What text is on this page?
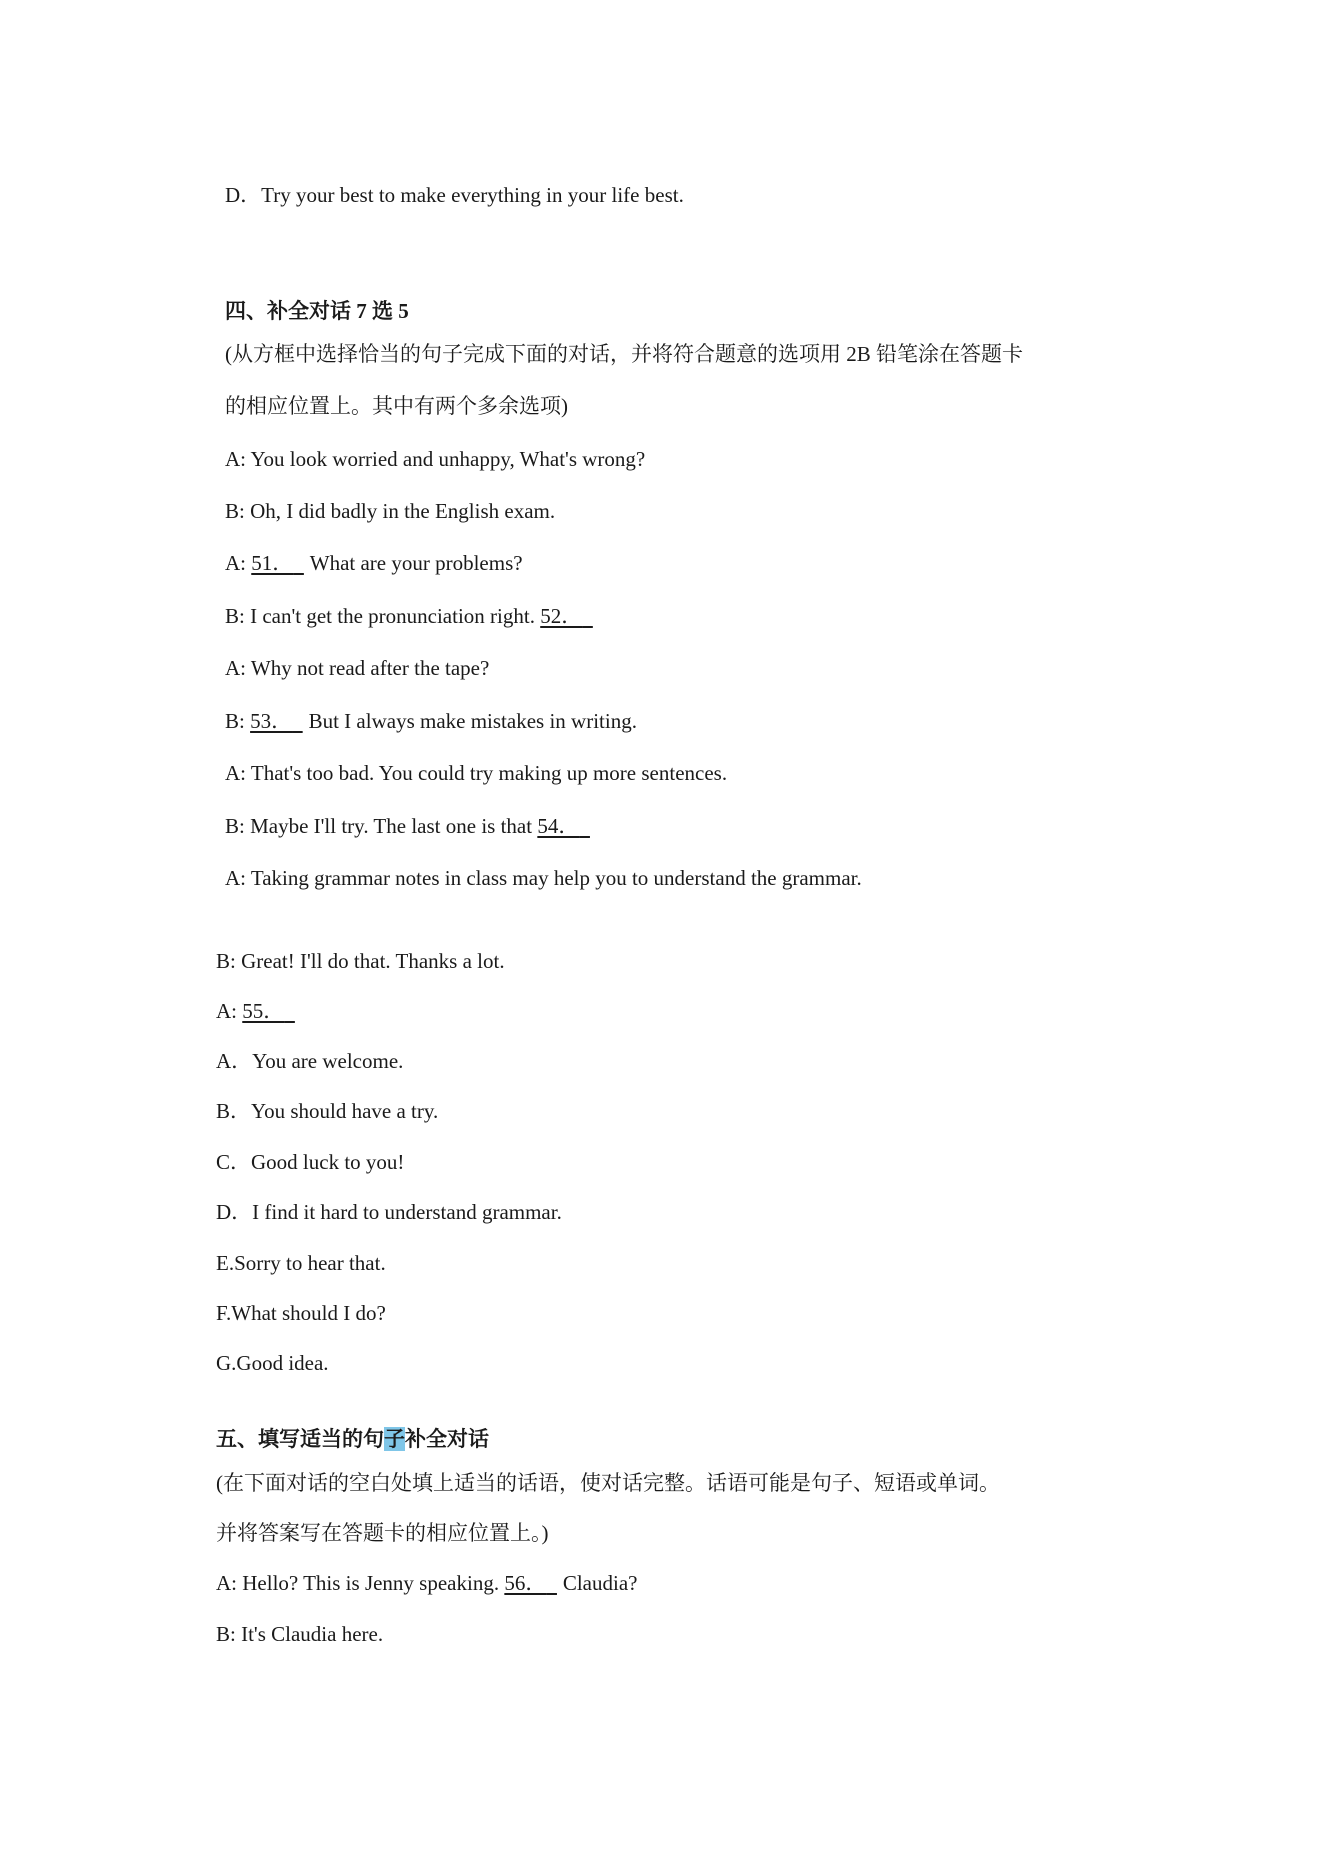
D．Try your best to make everything in your life best.
四、补全对话 7 选 5
(从方框中选择恰当的句子完成下面的对话，并将符合题意的选项用 2B 铅笔涂在答题卡
的相应位置上。其中有两个多余选项)
A: You look worried and unhappy, What's wrong?
B: Oh, I did badly in the English exam.
A: 51． What are your problems?
B: I can't get the pronunciation right. 52．
A: Why not read after the tape?
B: 53． But I always make mistakes in writing.
A: That's too bad. You could try making up more sentences.
B: Maybe I'll try. The last one is that 54．
A: Taking grammar notes in class may help you to understand the grammar.
B: Great! I'll do that. Thanks a lot.
A: 55．
A．You are welcome.
B．You should have a try.
C．Good luck to you!
D．I find it hard to understand grammar.
E.Sorry to hear that.
F.What should I do?
G.Good idea.
五、填写适当的句子补全对话
(在下面对话的空白处填上适当的话语，使对话完整。话语可能是句子、短语或单词。
并将答案写在答题卡的相应位置上。)
A: Hello? This is Jenny speaking. 56． Claudia?
B: It's Claudia here.
